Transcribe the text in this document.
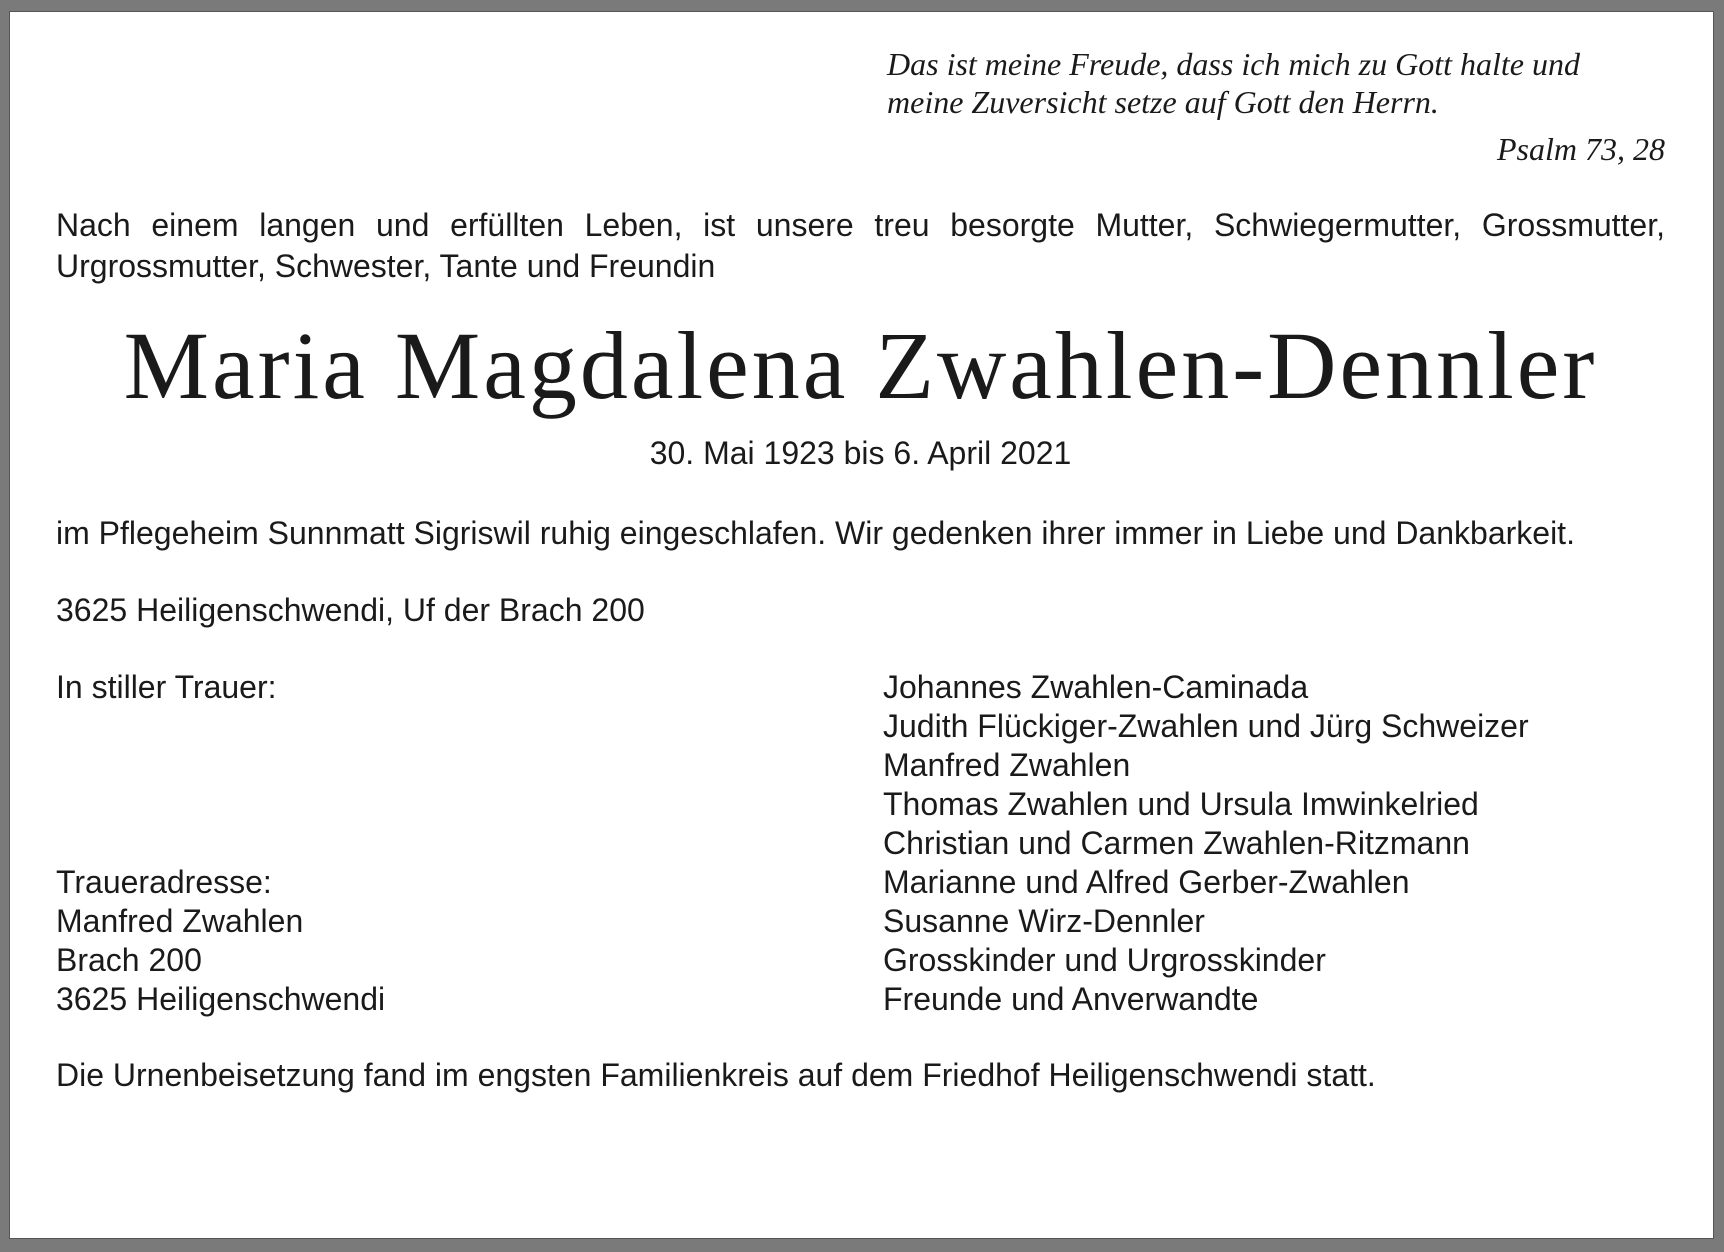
Das ist meine Freude, dass ich mich zu Gott halte und
meine Zuversicht setze auf Gott den Herrn.
Psalm 73, 28
Nach einem langen und erfüllten Leben, ist unsere treu besorgte Mutter, Schwiegermutter, Grossmutter,
Urgrossmutter, Schwester, Tante und Freundin
Maria Magdalena Zwahlen-Dennler
30. Mai 1923 bis 6. April 2021
im Pflegeheim Sunnmatt Sigriswil ruhig eingeschlafen. Wir gedenken ihrer immer in Liebe und Dankbarkeit.
3625 Heiligenschwendi, Uf der Brach 200
In stiller Trauer:
Traueradresse:
Manfred Zwahlen
Brach 200
3625 Heiligenschwendi
Johannes Zwahlen-Caminada
Judith Flückiger-Zwahlen und Jürg Schweizer
Manfred Zwahlen
Thomas Zwahlen und Ursula Imwinkelried
Christian und Carmen Zwahlen-Ritzmann
Marianne und Alfred Gerber-Zwahlen
Susanne Wirz-Dennler
Grosskinder und Urgrosskinder
Freunde und Anverwandte
Die Urnenbeisetzung fand im engsten Familienkreis auf dem Friedhof Heiligenschwendi statt.
